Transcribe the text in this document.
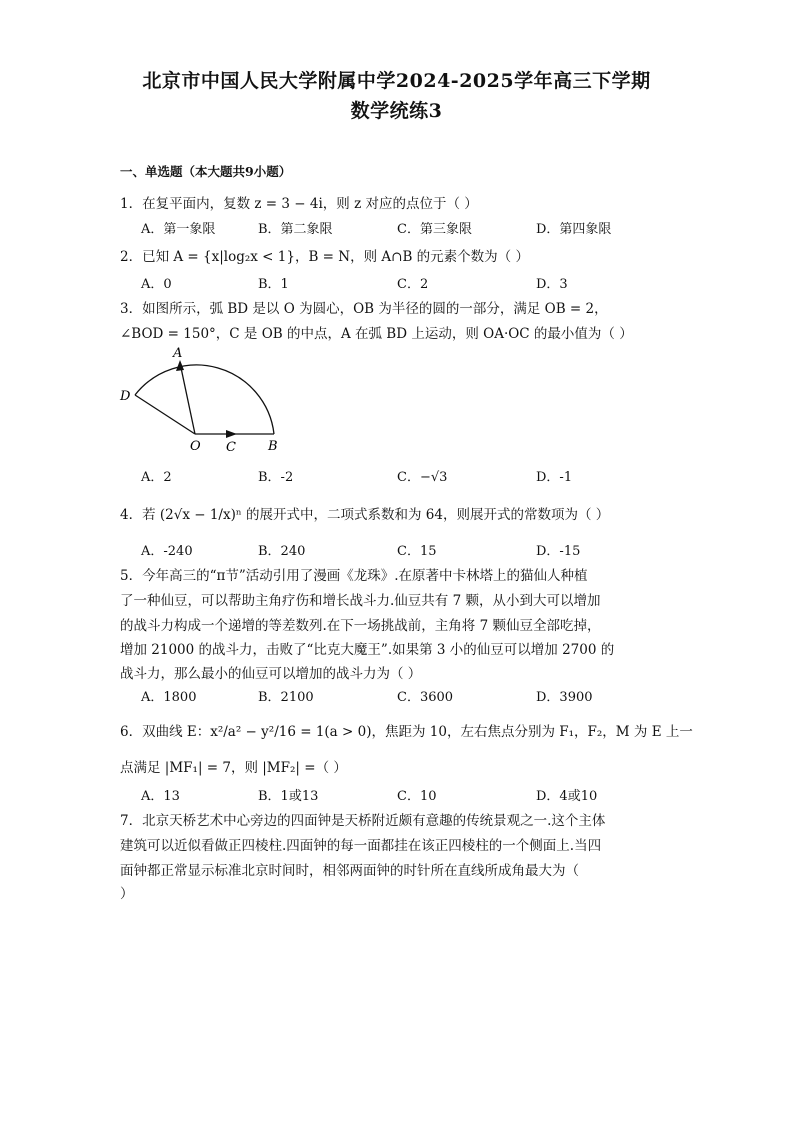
北京市中国人民大学附属中学2024-2025学年高三下学期
数学统练3
一、单选题（本大题共9小题）
1．在复平面内，复数 z = 3 − 4i，则 z 对应的点位于（ ）
A．第一象限	B．第二象限	C．第三象限	D．第四象限
2．已知 A = {x|log₂x < 1}，B = N，则 A∩B 的元素个数为（ ）
A．0	B．1	C．2	D．3
3．如图所示，弧 BD 是以 O 为圆心，OB 为半径的圆的一部分，满足 OB = 2，
∠BOD = 150°，C 是 OB 的中点，A 在弧 BD 上运动，则 OA·OC 的最小值为（ ）
A
D
O C B
A．2	B．-2	C．−√3	D．-1
4．若 (2√x − 1/x)ⁿ 的展开式中，二项式系数和为 64，则展开式的常数项为（ ）
A．-240	B．240	C．15	D．-15
5．今年高三的“π节”活动引用了漫画《龙珠》.在原著中卡林塔上的猫仙人种植
了一种仙豆，可以帮助主角疗伤和增长战斗力.仙豆共有 7 颗，从小到大可以增加
的战斗力构成一个递增的等差数列.在下一场挑战前，主角将 7 颗仙豆全部吃掉，
增加 21000 的战斗力，击败了“比克大魔王”.如果第 3 小的仙豆可以增加 2700 的
战斗力，那么最小的仙豆可以增加的战斗力为（ ）
A．1800	B．2100	C．3600	D．3900
6．双曲线 E：x²/a² − y²/16 = 1(a > 0)，焦距为 10，左右焦点分别为 F₁，F₂，M 为 E 上一
点满足 |MF₁| = 7，则 |MF₂| =（ ）
A．13	B．1或13	C．10	D．4或10
7．北京天桥艺术中心旁边的四面钟是天桥附近颇有意趣的传统景观之一.这个主体
建筑可以近似看做正四棱柱.四面钟的每一面都挂在该正四棱柱的一个侧面上.当四
面钟都正常显示标准北京时间时，相邻两面钟的时针所在直线所成角最大为（
）
